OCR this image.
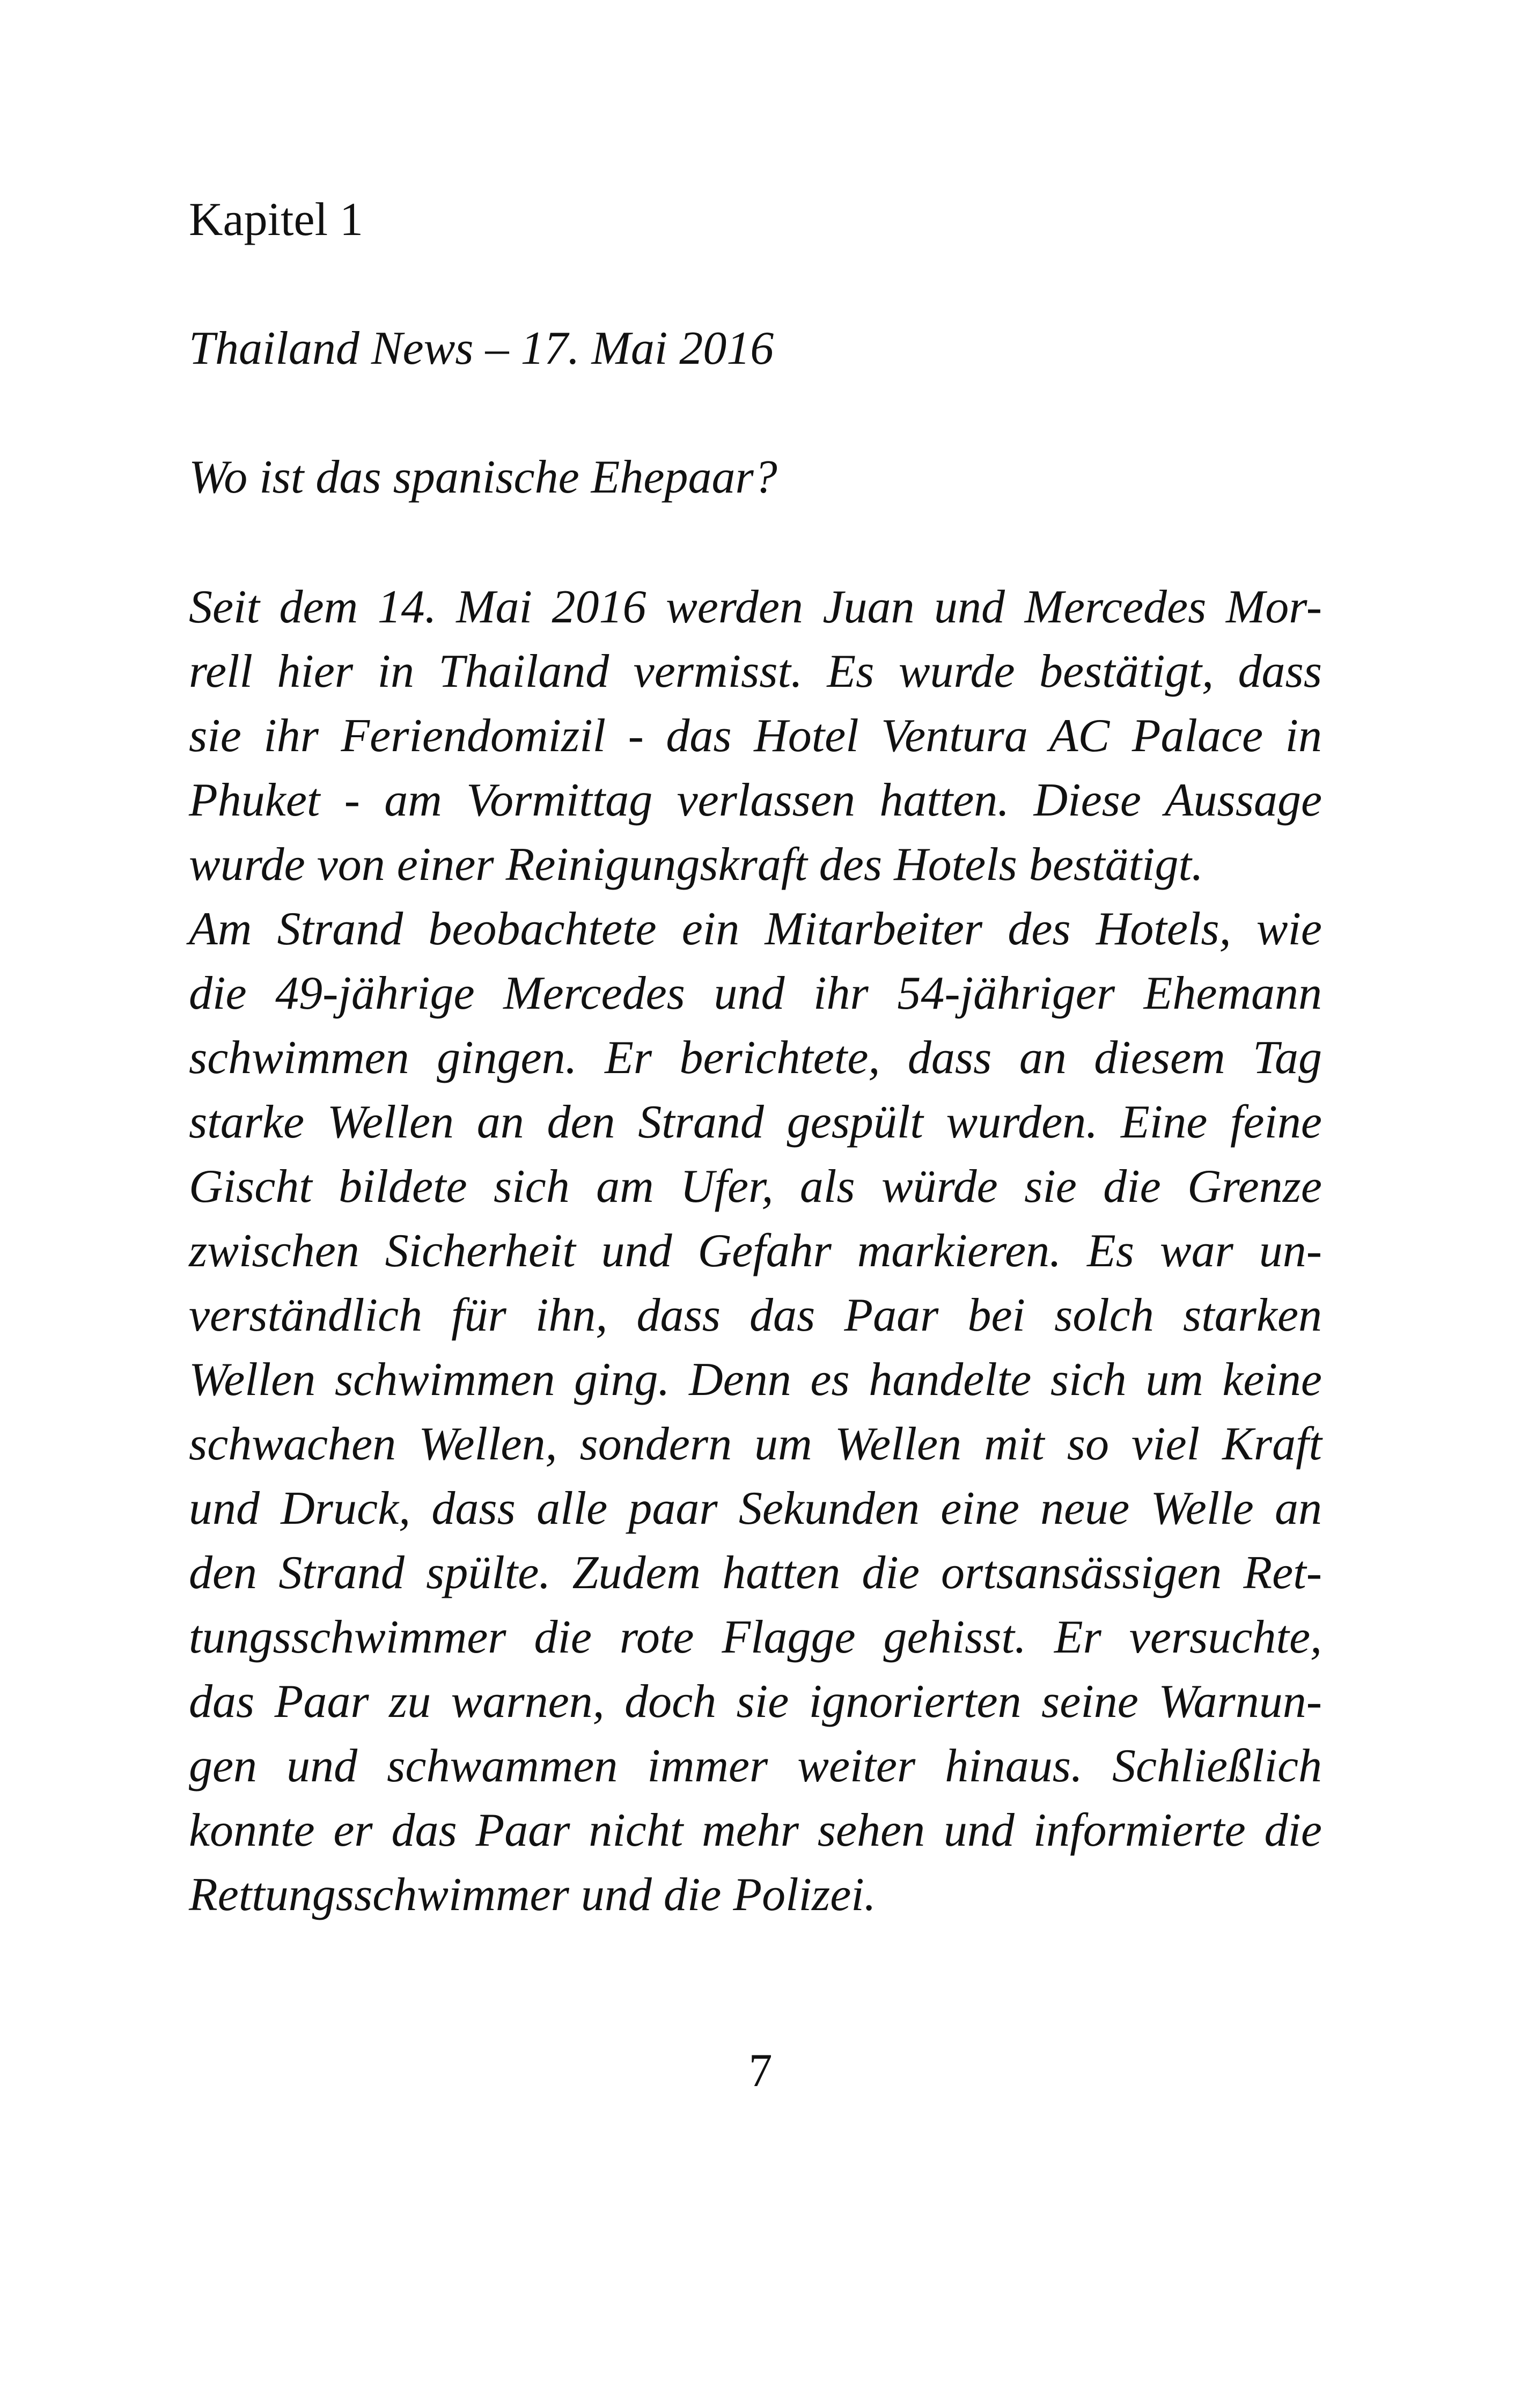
Kapitel 1

Thailand News – 17. Mai 2016

Wo ist das spanische Ehepaar?

Seit dem 14. Mai 2016 werden Juan und Mercedes Mor-
rell hier in Thailand vermisst. Es wurde bestätigt, dass
sie ihr Feriendomizil - das Hotel Ventura AC Palace in
Phuket - am Vormittag verlassen hatten. Diese Aussage
wurde von einer Reinigungskraft des Hotels bestätigt.
Am Strand beobachtete ein Mitarbeiter des Hotels, wie
die 49-jährige Mercedes und ihr 54-jähriger Ehemann
schwimmen gingen. Er berichtete, dass an diesem Tag
starke Wellen an den Strand gespült wurden. Eine feine
Gischt bildete sich am Ufer, als würde sie die Grenze
zwischen Sicherheit und Gefahr markieren. Es war un-
verständlich für ihn, dass das Paar bei solch starken
Wellen schwimmen ging. Denn es handelte sich um keine
schwachen Wellen, sondern um Wellen mit so viel Kraft
und Druck, dass alle paar Sekunden eine neue Welle an
den Strand spülte. Zudem hatten die ortsansässigen Ret-
tungsschwimmer die rote Flagge gehisst. Er versuchte,
das Paar zu warnen, doch sie ignorierten seine Warnun-
gen und schwammen immer weiter hinaus. Schließlich
konnte er das Paar nicht mehr sehen und informierte die
Rettungsschwimmer und die Polizei.

7
